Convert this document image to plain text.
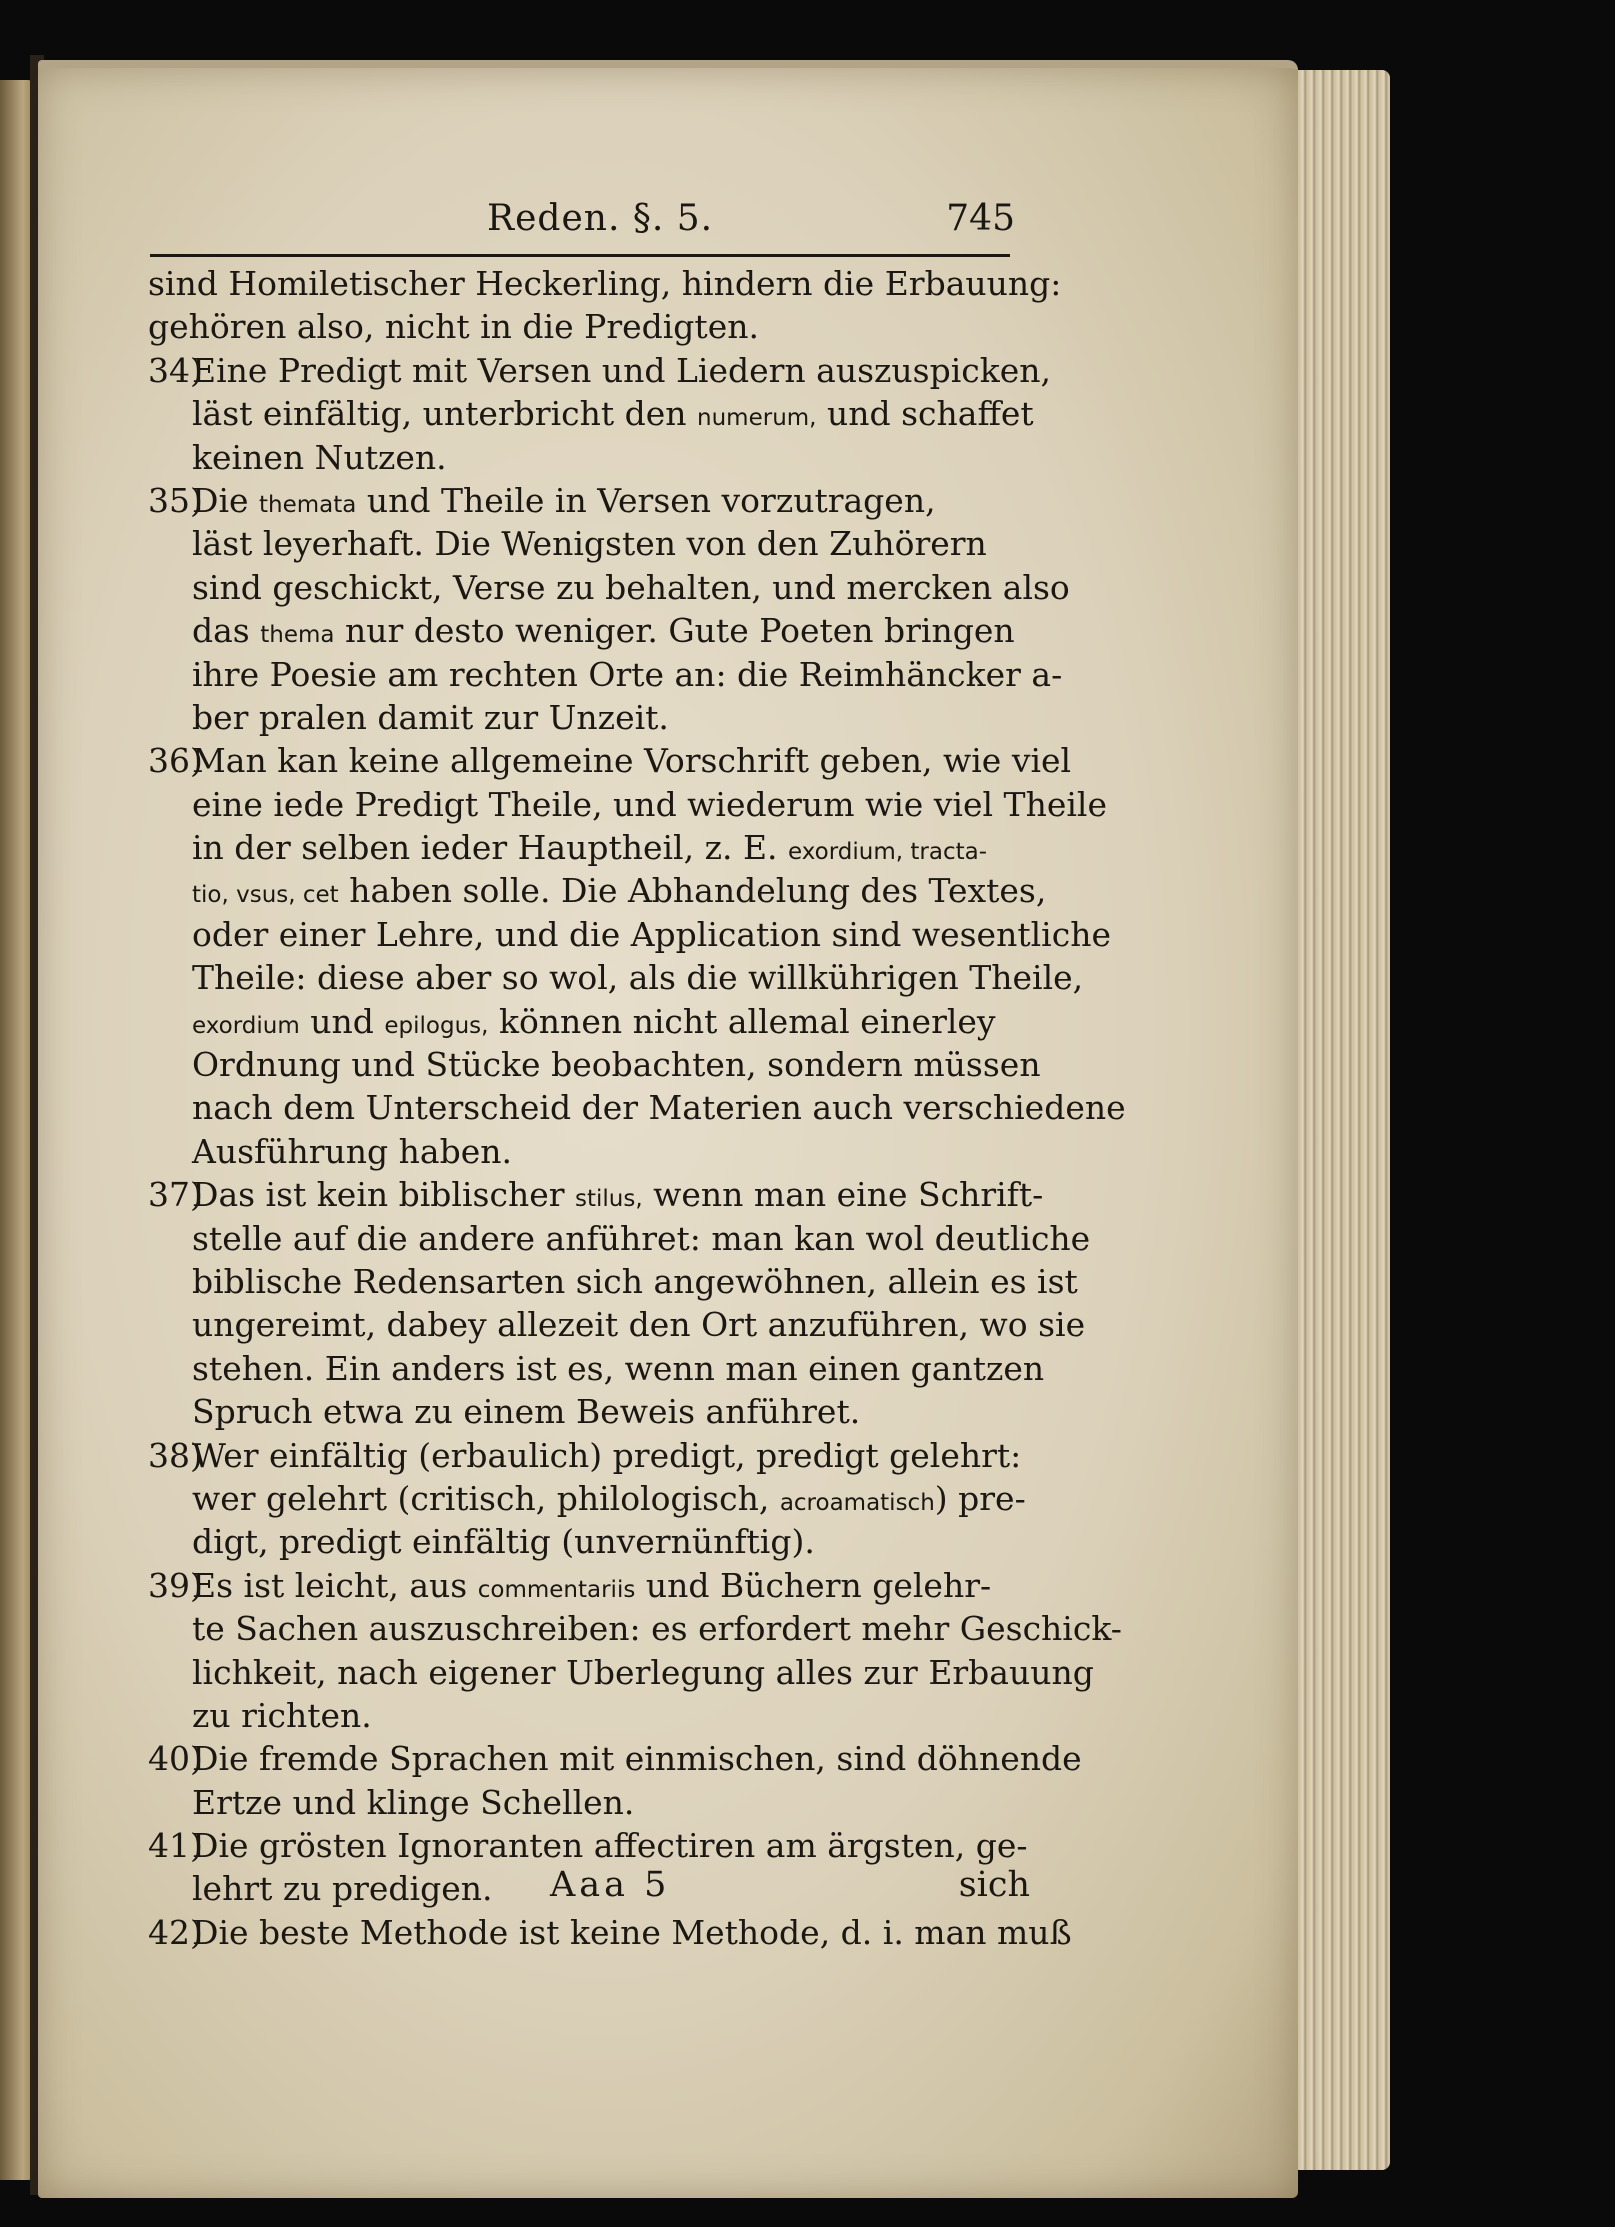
Reden. §. 5.	745
sind Homiletischer Heckerling, hindern die Erbauung:
gehören also, nicht in die Predigten.
34)
Eine Predigt mit Versen und Liedern auszuspicken,
läst einfältig, unterbricht den numerum, und schaffet
keinen Nutzen.
35)
Die themata und Theile in Versen vorzutragen,
läst leyerhaft. Die Wenigsten von den Zuhörern
sind geschickt, Verse zu behalten, und mercken also
das thema nur desto weniger. Gute Poeten bringen
ihre Poesie am rechten Orte an: die Reimhäncker a-
ber pralen damit zur Unzeit.
36)
Man kan keine allgemeine Vorschrift geben, wie viel
eine iede Predigt Theile, und wiederum wie viel Theile
in der selben ieder Hauptheil, z. E. exordium, tracta-
tio, vsus, cet haben solle. Die Abhandelung des Textes,
oder einer Lehre, und die Application sind wesentliche
Theile: diese aber so wol, als die willkührigen Theile,
exordium und epilogus, können nicht allemal einerley
Ordnung und Stücke beobachten, sondern müssen
nach dem Unterscheid der Materien auch verschiedene
Ausführung haben.
37)
Das ist kein biblischer stilus, wenn man eine Schrift-
stelle auf die andere anführet: man kan wol deutliche
biblische Redensarten sich angewöhnen, allein es ist
ungereimt, dabey allezeit den Ort anzuführen, wo sie
stehen. Ein anders ist es, wenn man einen gantzen
Spruch etwa zu einem Beweis anführet.
38)
Wer einfältig (erbaulich) predigt, predigt gelehrt:
wer gelehrt (critisch, philologisch, acroamatisch) pre-
digt, predigt einfältig (unvernünftig).
39)
Es ist leicht, aus commentariis und Büchern gelehr-
te Sachen auszuschreiben: es erfordert mehr Geschick-
lichkeit, nach eigener Uberlegung alles zur Erbauung
zu richten.
40)
Die fremde Sprachen mit einmischen, sind döhnende
Ertze und klinge Schellen.
41)
Die grösten Ignoranten affectiren am ärgsten, ge-
lehrt zu predigen.
42)
Die beste Methode ist keine Methode, d. i. man muß
Aaa 5	sich
